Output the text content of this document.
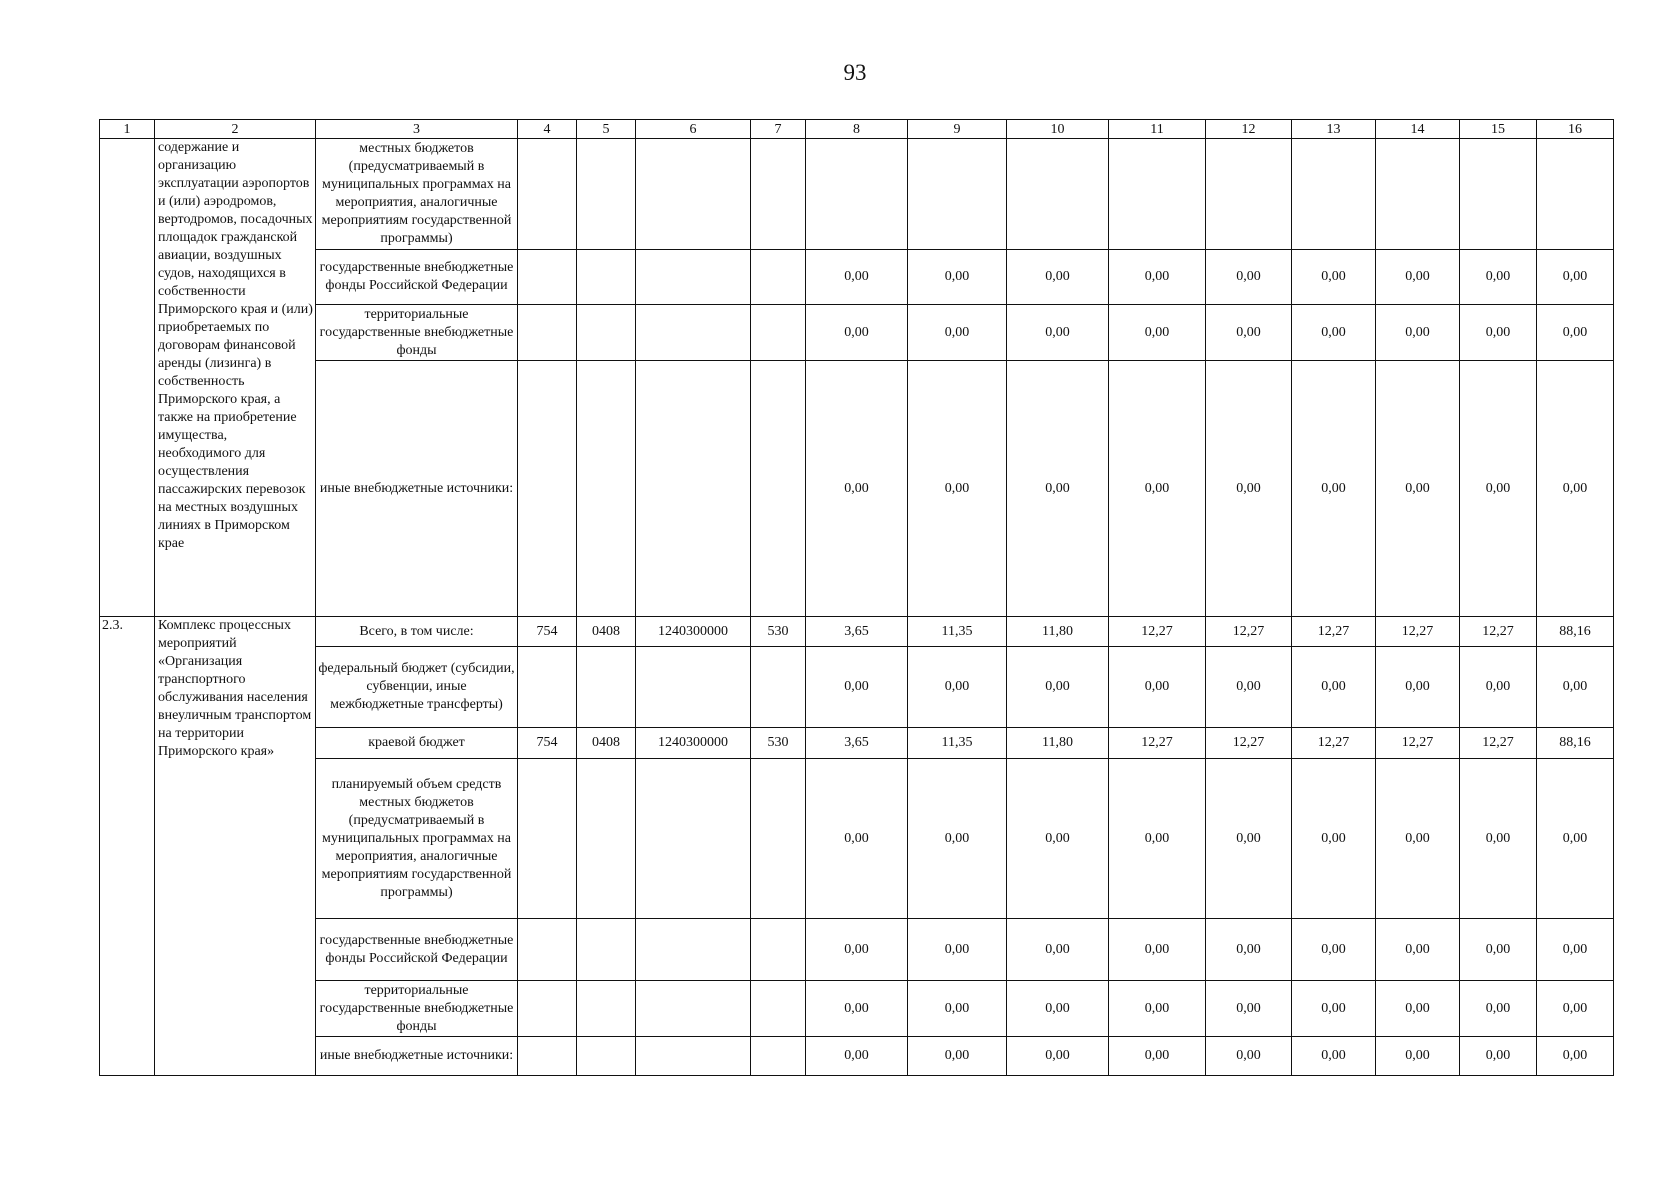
93
1	2	3	4	5	6	7	8	9	10	11	12	13	14	15	16
	содержание и организацию эксплуатации аэропортов и (или) аэродромов, вертодромов, посадочных площадок гражданской авиации, воздушных судов, находящихся в собственности Приморского края и (или) приобретаемых по договорам финансовой аренды (лизинга) в собственность Приморского края, а также на приобретение имущества, необходимого для осуществления пассажирских перевозок на местных воздушных линиях в Приморском крае	местных бюджетов (предусматриваемый в муниципальных программах на мероприятия, аналогичные мероприятиям государственной программы)													
		государственные внебюджетные фонды Российской Федерации					0,00	0,00	0,00	0,00	0,00	0,00	0,00	0,00	0,00
		территориальные государственные внебюджетные фонды					0,00	0,00	0,00	0,00	0,00	0,00	0,00	0,00	0,00
		иные внебюджетные источники:					0,00	0,00	0,00	0,00	0,00	0,00	0,00	0,00	0,00
2.3.	Комплекс процессных мероприятий «Организация транспортного обслуживания населения внеуличным транспортом на территории Приморского края»	Всего, в том числе:	754	0408	1240300000	530	3,65	11,35	11,80	12,27	12,27	12,27	12,27	12,27	88,16
		федеральный бюджет (субсидии, субвенции, иные межбюджетные трансферты)					0,00	0,00	0,00	0,00	0,00	0,00	0,00	0,00	0,00
		краевой бюджет	754	0408	1240300000	530	3,65	11,35	11,80	12,27	12,27	12,27	12,27	12,27	88,16
		планируемый объем средств местных бюджетов (предусматриваемый в муниципальных программах на мероприятия, аналогичные мероприятиям государственной программы)					0,00	0,00	0,00	0,00	0,00	0,00	0,00	0,00	0,00
		государственные внебюджетные фонды Российской Федерации					0,00	0,00	0,00	0,00	0,00	0,00	0,00	0,00	0,00
		территориальные государственные внебюджетные фонды					0,00	0,00	0,00	0,00	0,00	0,00	0,00	0,00	0,00
		иные внебюджетные источники:					0,00	0,00	0,00	0,00	0,00	0,00	0,00	0,00	0,00
